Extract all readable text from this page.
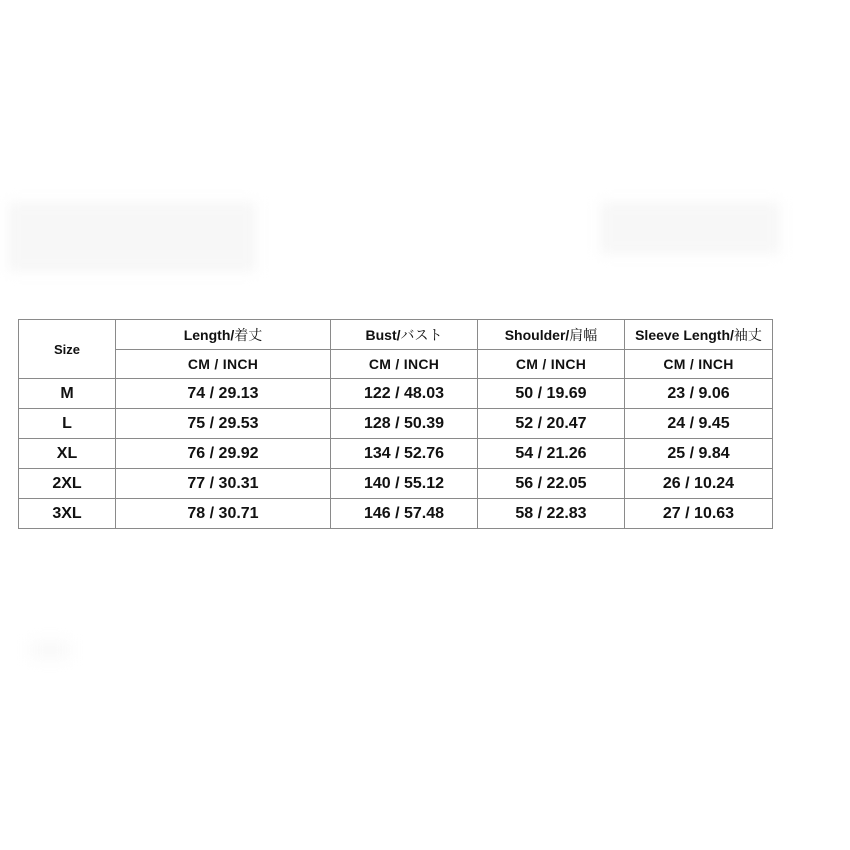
Size	Length/着丈	Bust/バスト	Shoulder/肩幅	Sleeve Length/袖丈
	CM / INCH	CM / INCH	CM / INCH	CM / INCH
M	74 / 29.13	122 / 48.03	50 / 19.69	23 / 9.06
L	75 / 29.53	128 / 50.39	52 / 20.47	24 / 9.45
XL	76 / 29.92	134 / 52.76	54 / 21.26	25 / 9.84
2XL	77 / 30.31	140 / 55.12	56 / 22.05	26 / 10.24
3XL	78 / 30.71	146 / 57.48	58 / 22.83	27 / 10.63
